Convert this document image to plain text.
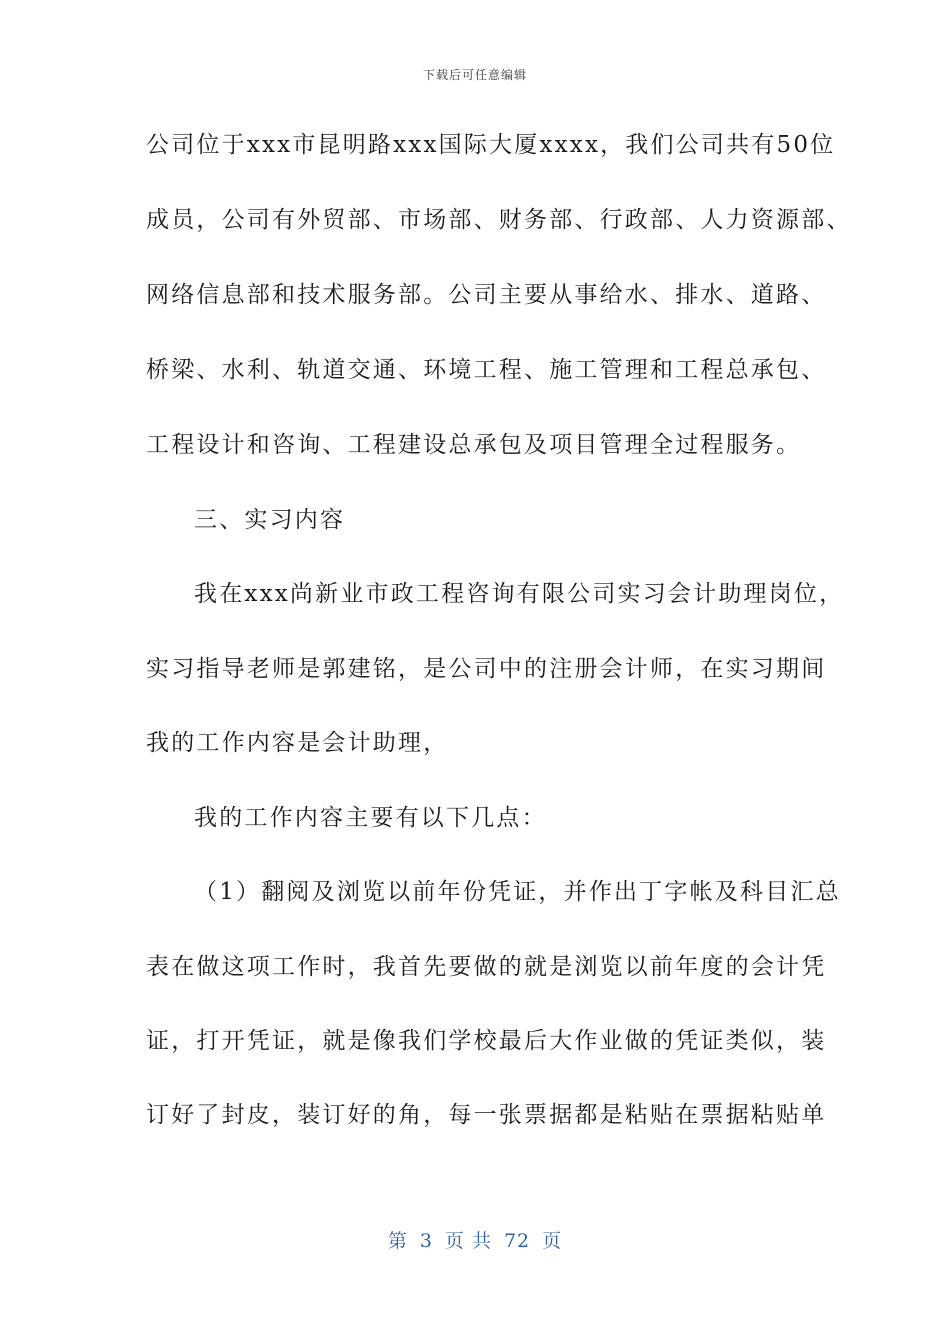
下载后可任意编辑
公司位于xxx市昆明路xxx国际大厦xxxx，我们公司共有50位
成员，公司有外贸部、市场部、财务部、行政部、人力资源部、
网络信息部和技术服务部。公司主要从事给水、排水、道路、
桥梁、水利、轨道交通、环境工程、施工管理和工程总承包、
工程设计和咨询、工程建设总承包及项目管理全过程服务。
三、实习内容
我在xxx尚新业市政工程咨询有限公司实习会计助理岗位，
实习指导老师是郭建铭，是公司中的注册会计师，在实习期间
我的工作内容是会计助理，
我的工作内容主要有以下几点：
（1）翻阅及浏览以前年份凭证，并作出丁字帐及科目汇总
表在做这项工作时，我首先要做的就是浏览以前年度的会计凭
证，打开凭证，就是像我们学校最后大作业做的凭证类似，装
订好了封皮，装订好的角，每一张票据都是粘贴在票据粘贴单
第 3 页 共 72 页
